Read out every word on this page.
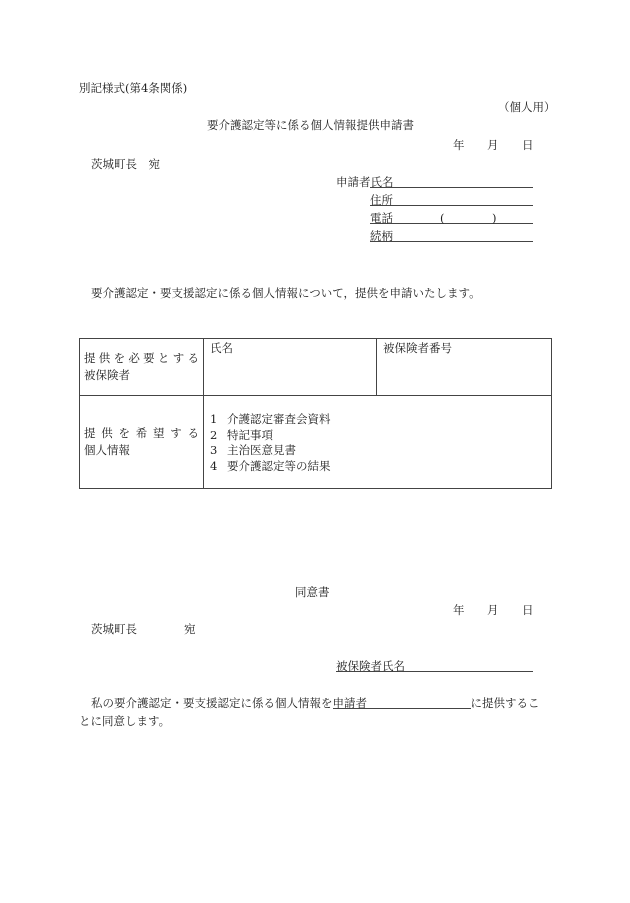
別記様式(第4条関係)
（個人用）
要介護認定等に係る個人情報提供申請書
年 月 日
茨城町長　宛
申請者氏名
住所
電話	(	)
続柄
要介護認定・要支援認定に係る個人情報について，提供を申請いたします。
提供を必要とする
被保険者	氏名	被保険者番号

提供を希望する
個人情報

1 介護認定審査会資料
2 特記事項
3 主治医意見書
4 要介護認定等の結果
同意書
年 月 日
茨城町長	宛
被保険者氏名
私の要介護認定・要支援認定に係る個人情報を申請者	に提供するこ
とに同意します。
